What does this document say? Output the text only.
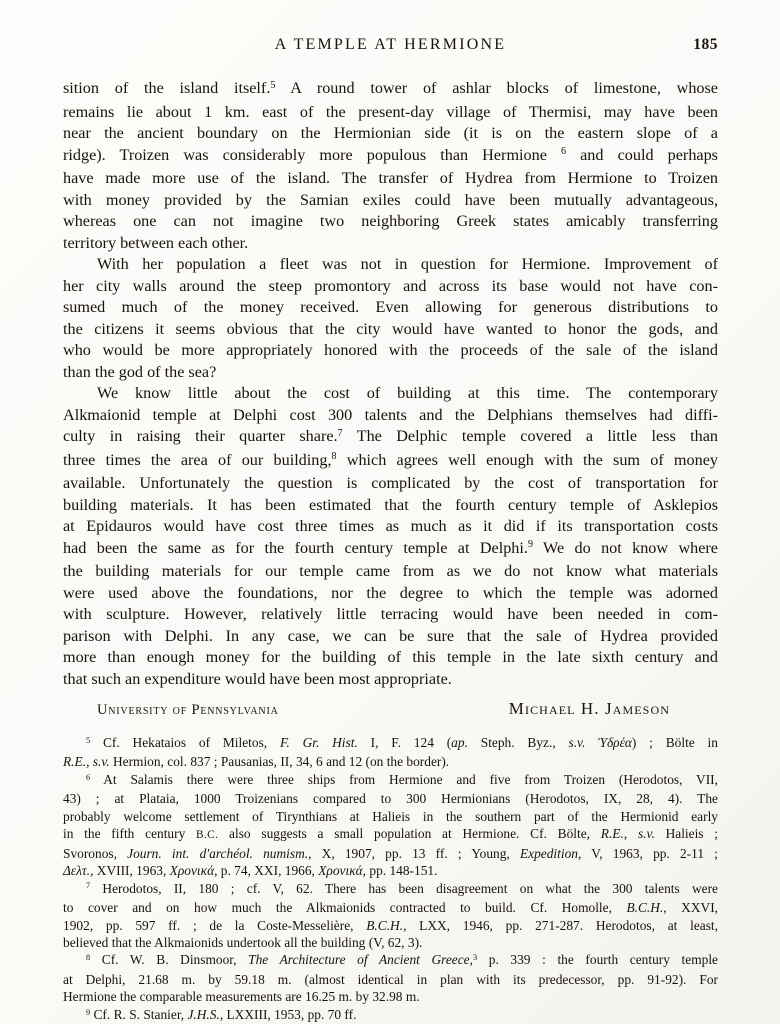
A TEMPLE AT HERMIONE	185
sition of the island itself.$^5$ A round tower of ashlar blocks of limestone, whose
remains lie about 1 km. east of the present-day village of Thermisi, may have been
near the ancient boundary on the Hermionian side (it is on the eastern slope of a
ridge). Troizen was considerably more populous than Hermione $^6$ and could perhaps
have made more use of the island. The transfer of Hydrea from Hermione to Troizen
with money provided by the Samian exiles could have been mutually advantageous,
whereas one can not imagine two neighboring Greek states amicably transferring
territory between each other.
With her population a fleet was not in question for Hermione. Improvement of
her city walls around the steep promontory and across its base would not have con-
sumed much of the money received. Even allowing for generous distributions to
the citizens it seems obvious that the city would have wanted to honor the gods, and
who would be more appropriately honored with the proceeds of the sale of the island
than the god of the sea?
We know little about the cost of building at this time. The contemporary
Alkmaionid temple at Delphi cost 300 talents and the Delphians themselves had diffi-
culty in raising their quarter share.$^7$ The Delphic temple covered a little less than
three times the area of our building,$^8$ which agrees well enough with the sum of money
available. Unfortunately the question is complicated by the cost of transportation for
building materials. It has been estimated that the fourth century temple of Asklepios
at Epidauros would have cost three times as much as it did if its transportation costs
had been the same as for the fourth century temple at Delphi.$^9$ We do not know where
the building materials for our temple came from as we do not know what materials
were used above the foundations, nor the degree to which the temple was adorned
with sculpture. However, relatively little terracing would have been needed in com-
parison with Delphi. In any case, we can be sure that the sale of Hydrea provided
more than enough money for the building of this temple in the late sixth century and
that such an expenditure would have been most appropriate.
University of Pennsylvania	Michael H. Jameson
$^5$ Cf. Hekataios of Miletos, F. Gr. Hist. I, F. 124 (ap. Steph. Byz., s.v. Ὑδρέα) ; Bölte in
R.E., s.v. Hermion, col. 837 ; Pausanias, II, 34, 6 and 12 (on the border).
$^6$ At Salamis there were three ships from Hermione and five from Troizen (Herodotos, VII,
43) ; at Plataia, 1000 Troizenians compared to 300 Hermionians (Herodotos, IX, 28, 4). The
probably welcome settlement of Tirynthians at Halieis in the southern part of the Hermionid early
in the fifth century B.C. also suggests a small population at Hermione. Cf. Bölte, R.E., s.v. Halieis ;
Svoronos, Journ. int. d'archéol. numism., X, 1907, pp. 13 ff. ; Young, Expedition, V, 1963, pp. 2-11 ;
Δελτ., XVIII, 1963, Χρονικά, p. 74, XXI, 1966, Χρονικά, pp. 148-151.
$^7$ Herodotos, II, 180 ; cf. V, 62. There has been disagreement on what the 300 talents were
to cover and on how much the Alkmaionids contracted to build. Cf. Homolle, B.C.H., XXVI,
1902, pp. 597 ff. ; de la Coste-Messelière, B.C.H., LXX, 1946, pp. 271-287. Herodotos, at least,
believed that the Alkmaionids undertook all the building (V, 62, 3).
$^8$ Cf. W. B. Dinsmoor, The Architecture of Ancient Greece,$^3$ p. 339 : the fourth century temple
at Delphi, 21.68 m. by 59.18 m. (almost identical in plan with its predecessor, pp. 91-92). For
Hermione the comparable measurements are 16.25 m. by 32.98 m.
$^9$ Cf. R. S. Stanier, J.H.S., LXXIII, 1953, pp. 70 ff.
